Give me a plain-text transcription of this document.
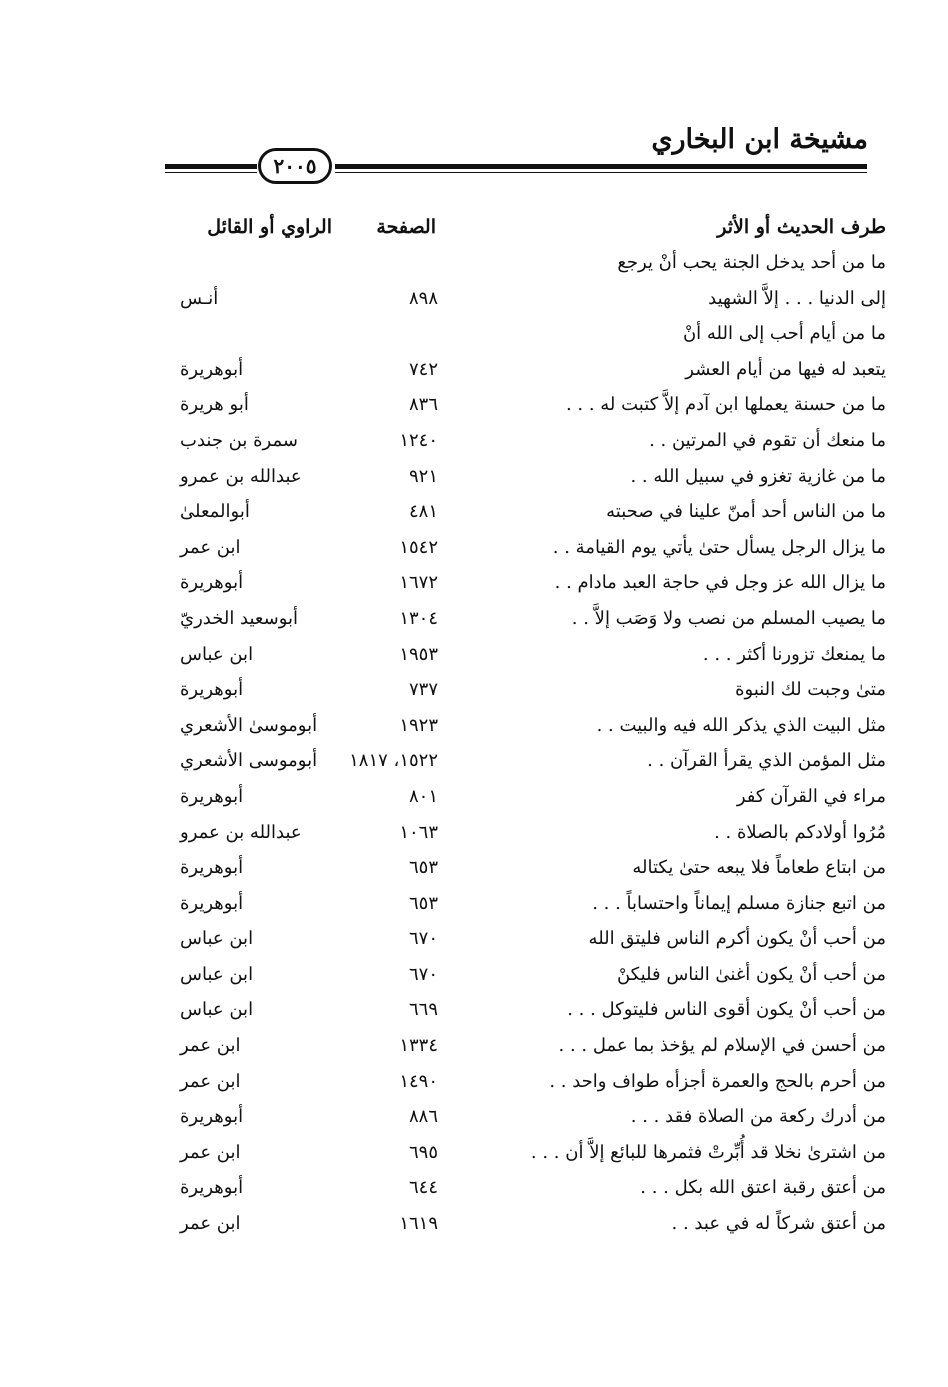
مشيخة ابن البخاري
٢٠٠٥
طرف الحديث أو الأثر
الصفحة
الراوي أو القائل
ما من أحد يدخل الجنة يحب أنْ يرجع
إلى الدنيا . . . إلاَّ الشهيد
٨٩٨
أنـس
ما من أيام أحب إلى الله أنْ
يتعبد له فيها من أيام العشر
٧٤٢
أبوهريرة
ما من حسنة يعملها ابن آدم إلاَّ كتبت له . . .
٨٣٦
أبو هريرة
ما منعك أن تقوم في المرتين . .
١٢٤٠
سمرة بن جندب
ما من غازية تغزو في سبيل الله . .
٩٢١
عبدالله بن عمرو
ما من الناس أحد أمنّ علينا في صحبته
٤٨١
أبوالمعلىٰ
ما يزال الرجل يسأل حتىٰ يأتي يوم القيامة . .
١٥٤٢
ابن عمر
ما يزال الله عز وجل في حاجة العبد مادام . .
١٦٧٢
أبوهريرة
ما يصيب المسلم من نصب ولا وَصَب إلاَّ . .
١٣٠٤
أبوسعيد الخدريّ
ما يمنعك تزورنا أكثر . . .
١٩٥٣
ابن عباس
متىٰ وجبت لك النبوة
٧٣٧
أبوهريرة
مثل البيت الذي يذكر الله فيه والبيت . .
١٩٢٣
أبوموسىٰ الأشعري
مثل المؤمن الذي يقرأ القرآن . .
١٥٢٢، ١٨١٧
أبوموسى الأشعري
مراء في القرآن كفر
٨٠١
أبوهريرة
مُرُوا أولادكم بالصلاة . .
١٠٦٣
عبدالله بن عمرو
من ابتاع طعاماً فلا يبعه حتىٰ يكتاله
٦٥٣
أبوهريرة
من اتبع جنازة مسلم إيماناً واحتساباً . . .
٦٥٣
أبوهريرة
من أحب أنْ يكون أكرم الناس فليتق الله
٦٧٠
ابن عباس
من أحب أنْ يكون أغنىٰ الناس فليكنْ
٦٧٠
ابن عباس
من أحب أنْ يكون أقوى الناس فليتوكل . . .
٦٦٩
ابن عباس
من أحسن في الإسلام لم يؤخذ بما عمل . . .
١٣٣٤
ابن عمر
من أحرم بالحج والعمرة أجزأه طواف واحد . .
١٤٩٠
ابن عمر
من أدرك ركعة من الصلاة فقد . . .
٨٨٦
أبوهريرة
من اشترىٰ نخلا قد أُبِّرتْ فثمرها للبائع إلاَّ أن . . .
٦٩٥
ابن عمر
من أعتق رقبة اعتق الله بكل . . .
٦٤٤
أبوهريرة
من أعتق شركاً له في عبد . .
١٦١٩
ابن عمر
